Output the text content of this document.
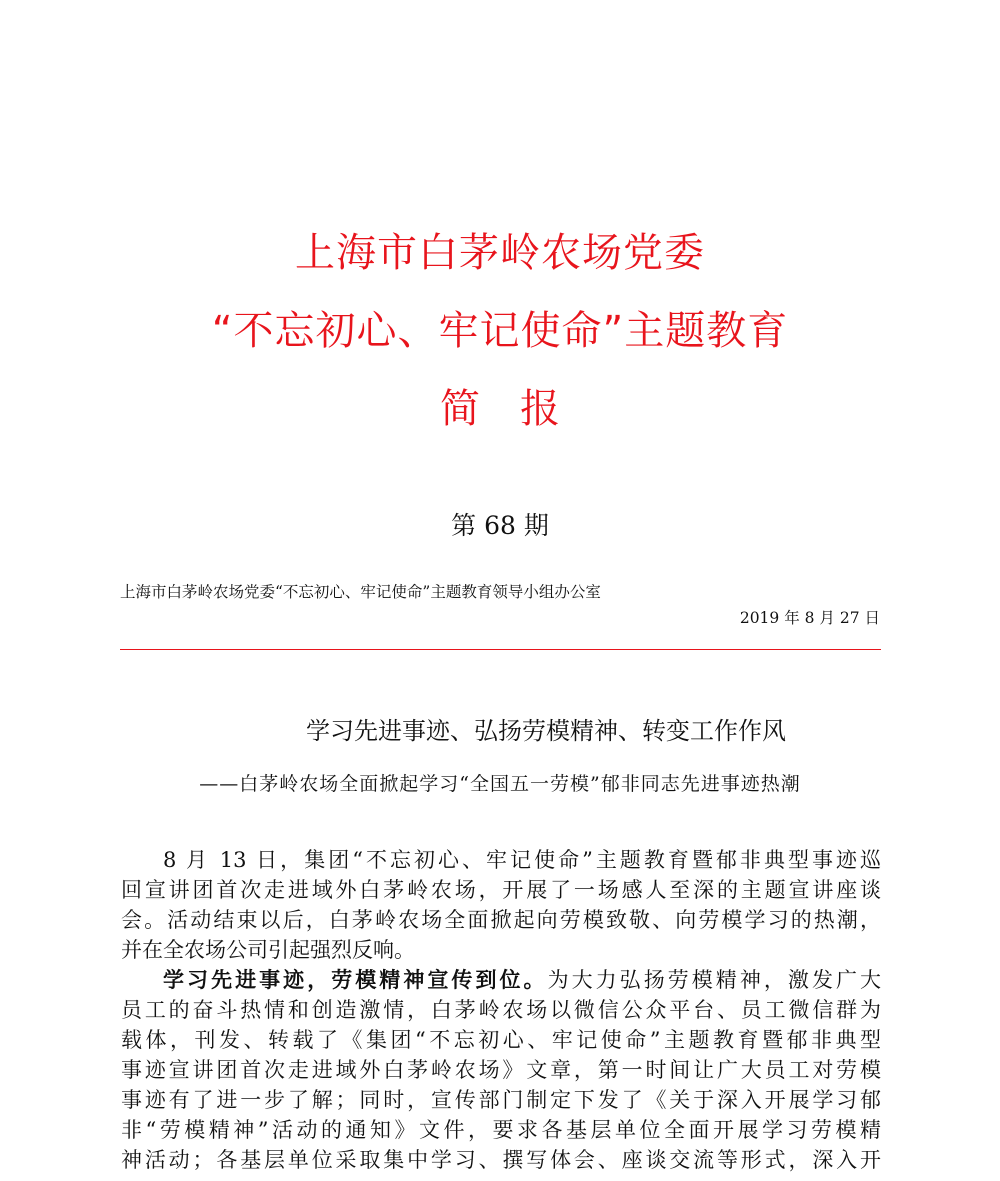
上海市白茅岭农场党委
“不忘初心、牢记使命”主题教育
简　报
第 68 期
上海市白茅岭农场党委“不忘初心、牢记使命”主题教育领导小组办公室
2019 年 8 月 27 日
学习先进事迹、弘扬劳模精神、转变工作作风
——白茅岭农场全面掀起学习“全国五一劳模”郁非同志先进事迹热潮
8 月 13 日，集团“不忘初心、牢记使命”主题教育暨郁非典型事迹巡
回宣讲团首次走进域外白茅岭农场，开展了一场感人至深的主题宣讲座谈
会。活动结束以后，白茅岭农场全面掀起向劳模致敬、向劳模学习的热潮，
并在全农场公司引起强烈反响。
学习先进事迹，劳模精神宣传到位。为大力弘扬劳模精神，激发广大
员工的奋斗热情和创造激情，白茅岭农场以微信公众平台、员工微信群为
载体，刊发、转载了《集团“不忘初心、牢记使命”主题教育暨郁非典型
事迹宣讲团首次走进域外白茅岭农场》文章，第一时间让广大员工对劳模
事迹有了进一步了解；同时，宣传部门制定下发了《关于深入开展学习郁
非“劳模精神”活动的通知》文件，要求各基层单位全面开展学习劳模精
神活动；各基层单位采取集中学习、撰写体会、座谈交流等形式，深入开
